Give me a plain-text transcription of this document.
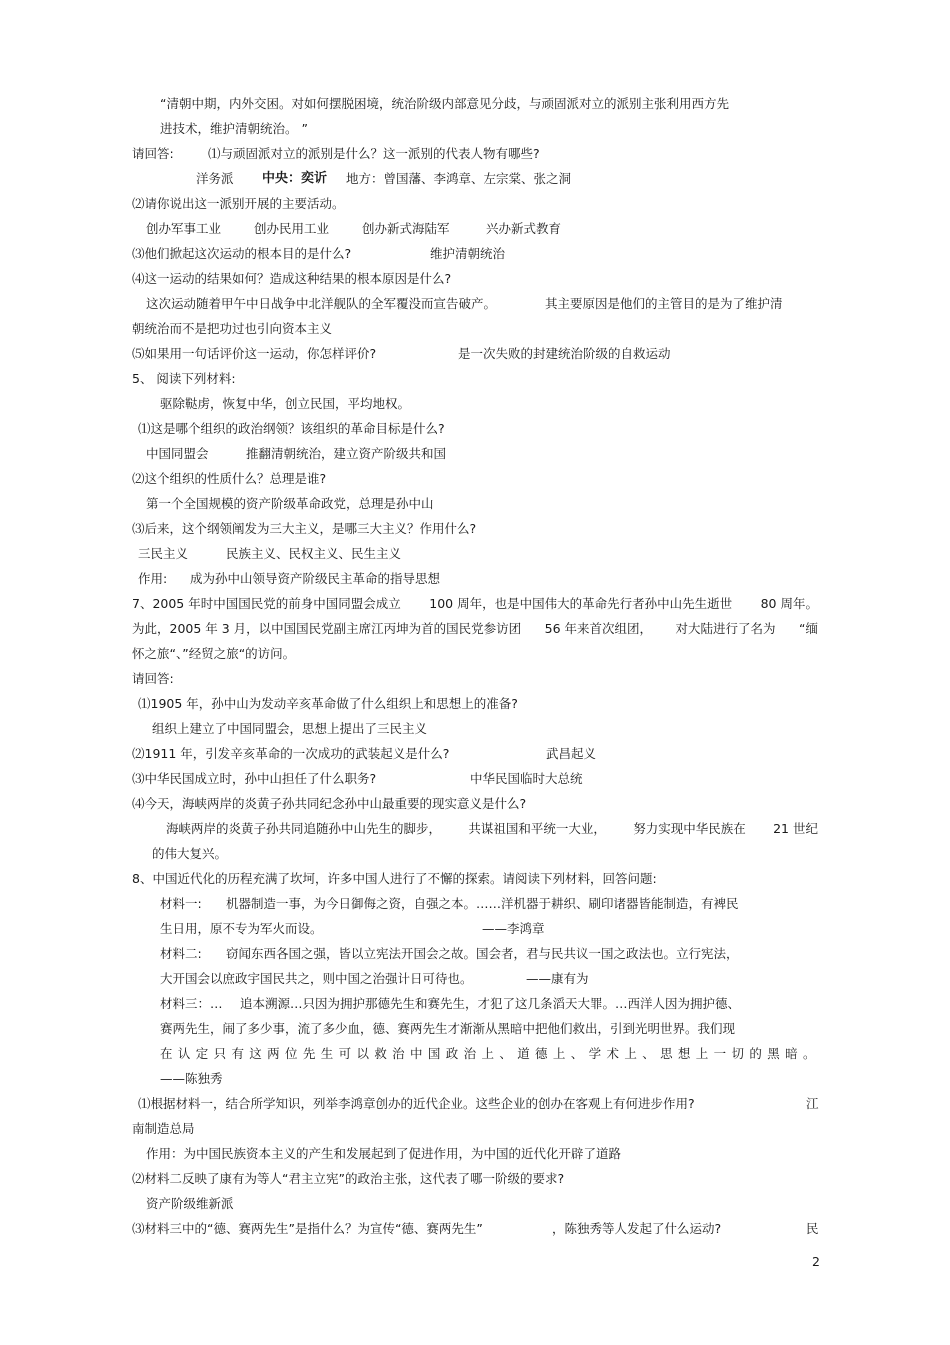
“清朝中期，内外交困。对如何摆脱困境，统治阶级内部意见分歧，与顽固派对立的派别主张利用西方先
进技术，维护清朝统治。 ”
请回答:	⑴与顽固派对立的派别是什么？这一派别的代表人物有哪些?
洋务派 中央：奕䜣 地方：曾国藩、李鸿章、左宗棠、张之洞
⑵请你说出这一派别开展的主要活动。
创办军事工业	创办民用工业	创办新式海陆军	兴办新式教育
⑶他们掀起这次运动的根本目的是什么?	维护清朝统治
⑷这一运动的结果如何？造成这种结果的根本原因是什么?
这次运动随着甲午中日战争中北洋舰队的全军覆没而宣告破产。	其主要原因是他们的主管目的是为了维护清
朝统治而不是把功过也引向资本主义
⑸如果用一句话评价这一运动，你怎样评价?	是一次失败的封建统治阶级的自救运动
5、 阅读下列材料:
驱除鞑虏，恢复中华，创立民国，平均地权。
⑴这是哪个组织的政治纲领？该组织的革命目标是什么?
中国同盟会	推翻清朝统治，建立资产阶级共和国
⑵这个组织的性质什么？总理是谁?
第一个全国规模的资产阶级革命政党，总理是孙中山
⑶后来，这个纲领阐发为三大主义，是哪三大主义？作用什么?
三民主义	民族主义、民权主义、民生主义
作用: 成为孙中山领导资产阶级民主革命的指导思想
7、2005 年时中国国民党的前身中国同盟会成立 100 周年，也是中国伟大的革命先行者孙中山先生逝世 80 周年。
为此，2005 年 3 月，以中国国民党副主席江丙坤为首的国民党参访团 56 年来首次组团， 对大陆进行了名为 “缅
怀之旅“、”经贸之旅“的访问。
请回答:
⑴1905 年，孙中山为发动辛亥革命做了什么组织上和思想上的准备?
组织上建立了中国同盟会，思想上提出了三民主义
⑵1911 年，引发辛亥革命的一次成功的武装起义是什么?	武昌起义
⑶中华民国成立时，孙中山担任了什么职务?	中华民国临时大总统
⑷今天，海峡两岸的炎黄子孙共同纪念孙中山最重要的现实意义是什么?
海峡两岸的炎黄子孙共同追随孙中山先生的脚步， 共谋祖国和平统一大业， 努力实现中华民族在 21 世纪
的伟大复兴。
8、中国近代化的历程充满了坎坷，许多中国人进行了不懈的探索。请阅读下列材料，回答问题:
材料一: 机器制造一事，为今日御侮之资，自强之本。……洋机器于耕织、刷印诸器皆能制造，有裨民
生日用，原不专为军火而设。	——李鸿章
材料二: 窃闻东西各国之强，皆以立宪法开国会之故。国会者，君与民共议一国之政法也。立行宪法，
大开国会以庶政宇国民共之，则中国之治强计日可待也。	——康有为
材料三：… 追本溯源…只因为拥护那德先生和赛先生，才犯了这几条滔天大罪。…西洋人因为拥护德、
赛两先生，闹了多少事，流了多少血，德、赛两先生才渐渐从黑暗中把他们救出，引到光明世界。我们现
在 认 定 只 有 这 两 位 先 生 可 以 救 治 中 国 政 治 上 、 道 德 上 、 学 术 上 、 思 想 上 一 切 的 黑 暗 。
——陈独秀
⑴根据材料一，结合所学知识，列举李鸿章创办的近代企业。这些企业的创办在客观上有何进步作用?	江
南制造总局
作用：为中国民族资本主义的产生和发展起到了促进作用，为中国的近代化开辟了道路
⑵材料二反映了康有为等人“君主立宪”的政治主张，这代表了哪一阶级的要求?
资产阶级维新派
⑶材料三中的“德、赛两先生”是指什么？为宣传“德、赛两先生”	，陈独秀等人发起了什么运动?	民
2
